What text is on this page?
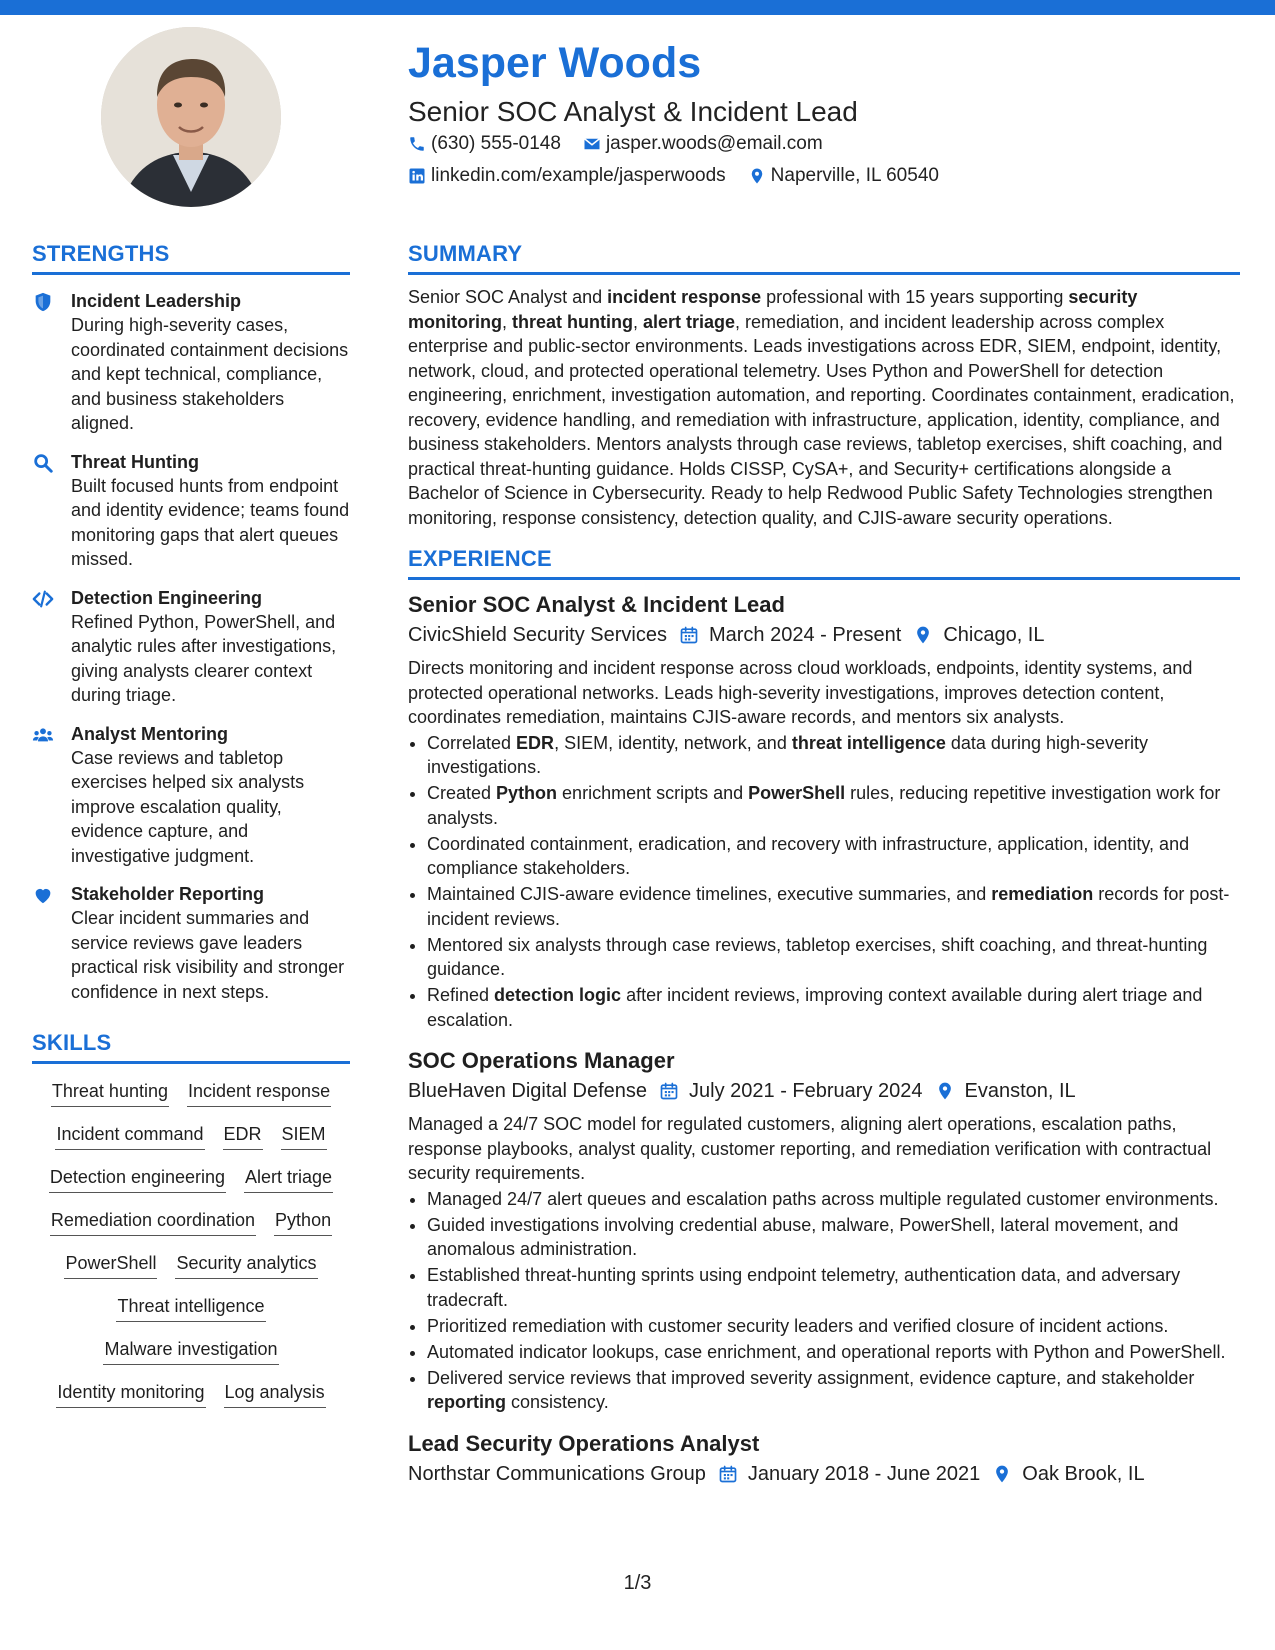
Jasper Woods
Senior SOC Analyst & Incident Lead
(630) 555-0148 jasper.woods@email.com
linkedin.com/example/jasperwoods Naperville, IL 60540
STRENGTHS
Incident Leadership
During high-severity cases, coordinated containment decisions and kept technical, compliance, and business stakeholders aligned.
Threat Hunting
Built focused hunts from endpoint and identity evidence; teams found monitoring gaps that alert queues missed.
Detection Engineering
Refined Python, PowerShell, and analytic rules after investigations, giving analysts clearer context during triage.
Analyst Mentoring
Case reviews and tabletop exercises helped six analysts improve escalation quality, evidence capture, and investigative judgment.
Stakeholder Reporting
Clear incident summaries and service reviews gave leaders practical risk visibility and stronger confidence in next steps.
SKILLS
Threat hunting Incident response
Incident command EDR SIEM
Detection engineering Alert triage
Remediation coordination Python
PowerShell Security analytics
Threat intelligence
Malware investigation
Identity monitoring Log analysis
SUMMARY
Senior SOC Analyst and incident response professional with 15 years supporting security monitoring, threat hunting, alert triage, remediation, and incident leadership across complex enterprise and public-sector environments. Leads investigations across EDR, SIEM, endpoint, identity, network, cloud, and protected operational telemetry. Uses Python and PowerShell for detection engineering, enrichment, investigation automation, and reporting. Coordinates containment, eradication, recovery, evidence handling, and remediation with infrastructure, application, identity, compliance, and business stakeholders. Mentors analysts through case reviews, tabletop exercises, shift coaching, and practical threat-hunting guidance. Holds CISSP, CySA+, and Security+ certifications alongside a Bachelor of Science in Cybersecurity. Ready to help Redwood Public Safety Technologies strengthen monitoring, response consistency, detection quality, and CJIS-aware security operations.
EXPERIENCE
Senior SOC Analyst & Incident Lead
CivicShield Security Services March 2024 - Present Chicago, IL
Directs monitoring and incident response across cloud workloads, endpoints, identity systems, and protected operational networks. Leads high-severity investigations, improves detection content, coordinates remediation, maintains CJIS-aware records, and mentors six analysts.
• Correlated EDR, SIEM, identity, network, and threat intelligence data during high-severity investigations.
• Created Python enrichment scripts and PowerShell rules, reducing repetitive investigation work for analysts.
• Coordinated containment, eradication, and recovery with infrastructure, application, identity, and compliance stakeholders.
• Maintained CJIS-aware evidence timelines, executive summaries, and remediation records for post-incident reviews.
• Mentored six analysts through case reviews, tabletop exercises, shift coaching, and threat-hunting guidance.
• Refined detection logic after incident reviews, improving context available during alert triage and escalation.
SOC Operations Manager
BlueHaven Digital Defense July 2021 - February 2024 Evanston, IL
Managed a 24/7 SOC model for regulated customers, aligning alert operations, escalation paths, response playbooks, analyst quality, customer reporting, and remediation verification with contractual security requirements.
• Managed 24/7 alert queues and escalation paths across multiple regulated customer environments.
• Guided investigations involving credential abuse, malware, PowerShell, lateral movement, and anomalous administration.
• Established threat-hunting sprints using endpoint telemetry, authentication data, and adversary tradecraft.
• Prioritized remediation with customer security leaders and verified closure of incident actions.
• Automated indicator lookups, case enrichment, and operational reports with Python and PowerShell.
• Delivered service reviews that improved severity assignment, evidence capture, and stakeholder reporting consistency.
Lead Security Operations Analyst
Northstar Communications Group January 2018 - June 2021 Oak Brook, IL
1/3
